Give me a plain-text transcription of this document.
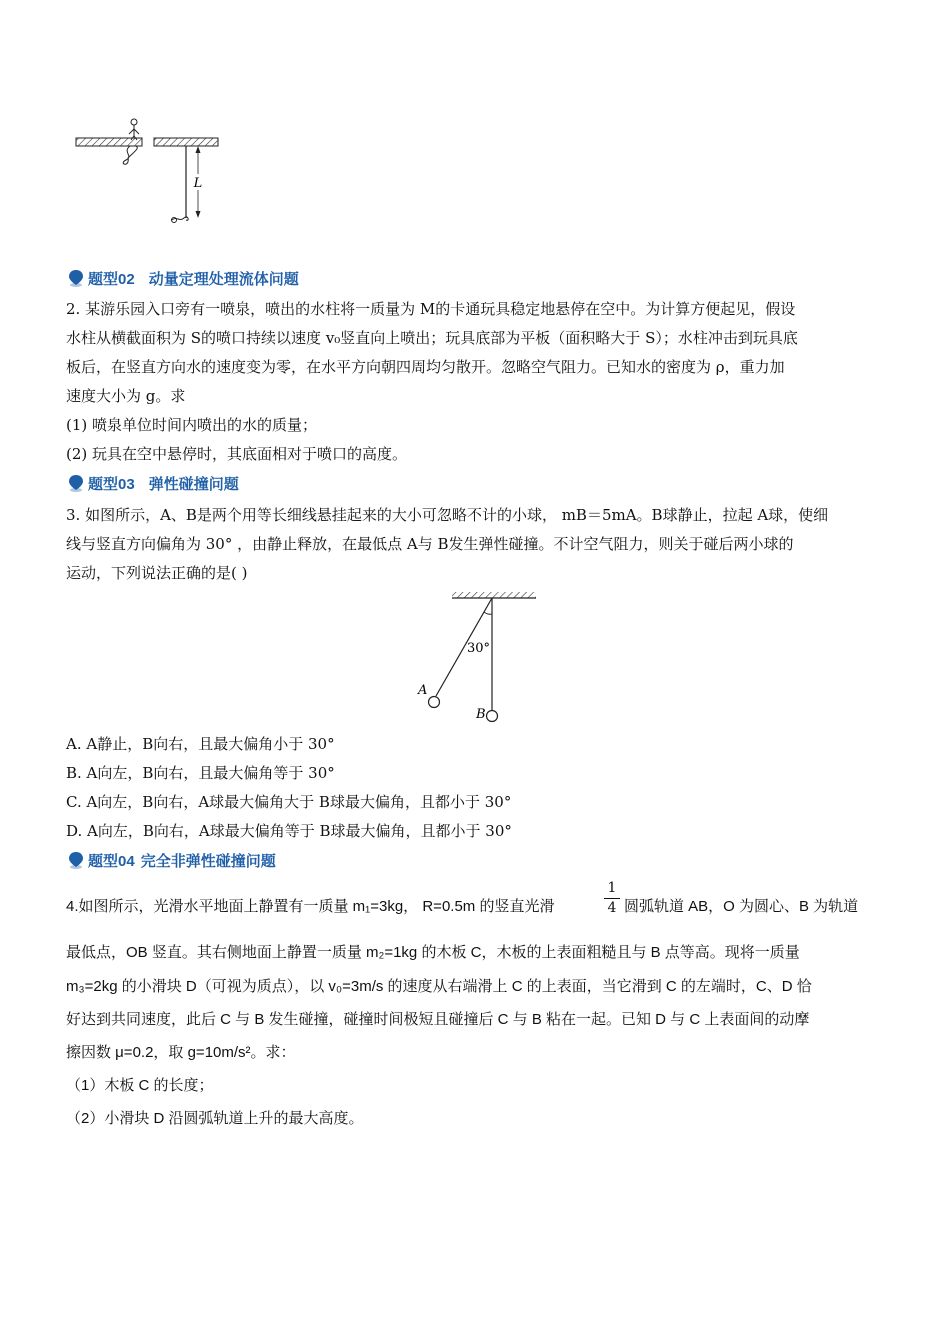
L
题型02 动量定理处理流体问题
2. 某游乐园入口旁有一喷泉，喷出的水柱将一质量为 M的卡通玩具稳定地悬停在空中。为计算方便起见，假设
水柱从横截面积为 S的喷口持续以速度 v₀竖直向上喷出；玩具底部为平板（面积略大于 S）；水柱冲击到玩具底
板后，在竖直方向水的速度变为零，在水平方向朝四周均匀散开。忽略空气阻力。已知水的密度为 ρ，重力加
速度大小为 g。求
(1) 喷泉单位时间内喷出的水的质量；
(2) 玩具在空中悬停时，其底面相对于喷口的高度。
题型03 弹性碰撞问题
3. 如图所示，A、B是两个用等长细线悬挂起来的大小可忽略不计的小球， mB＝5mA。B球静止，拉起 A球，使细
线与竖直方向偏角为 30° ，由静止释放，在最低点 A与 B发生弹性碰撞。不计空气阻力，则关于碰后两小球的
运动，下列说法正确的是( )
30°
A
B
A. A静止，B向右，且最大偏角小于 30°
B. A向左，B向右，且最大偏角等于 30°
C. A向左，B向右，A球最大偏角大于 B球最大偏角，且都小于 30°
D. A向左，B向右，A球最大偏角等于 B球最大偏角，且都小于 30°
题型04 完全非弹性碰撞问题
4.如图所示，光滑水平地面上静置有一质量 m₁=3kg， R=0.5m 的竖直光滑
1
4 圆弧轨道 AB，O 为圆心、B 为轨道
最低点，OB 竖直。其右侧地面上静置一质量 m₂=1kg 的木板 C，木板的上表面粗糙且与 B 点等高。现将一质量
m₃=2kg 的小滑块 D（可视为质点），以 v₀=3m/s 的速度从右端滑上 C 的上表面，当它滑到 C 的左端时，C、D 恰
好达到共同速度，此后 C 与 B 发生碰撞，碰撞时间极短且碰撞后 C 与 B 粘在一起。已知 D 与 C 上表面间的动摩
擦因数 μ=0.2，取 g=10m/s²。求：
（1）木板 C 的长度；
（2）小滑块 D 沿圆弧轨道上升的最大高度。
